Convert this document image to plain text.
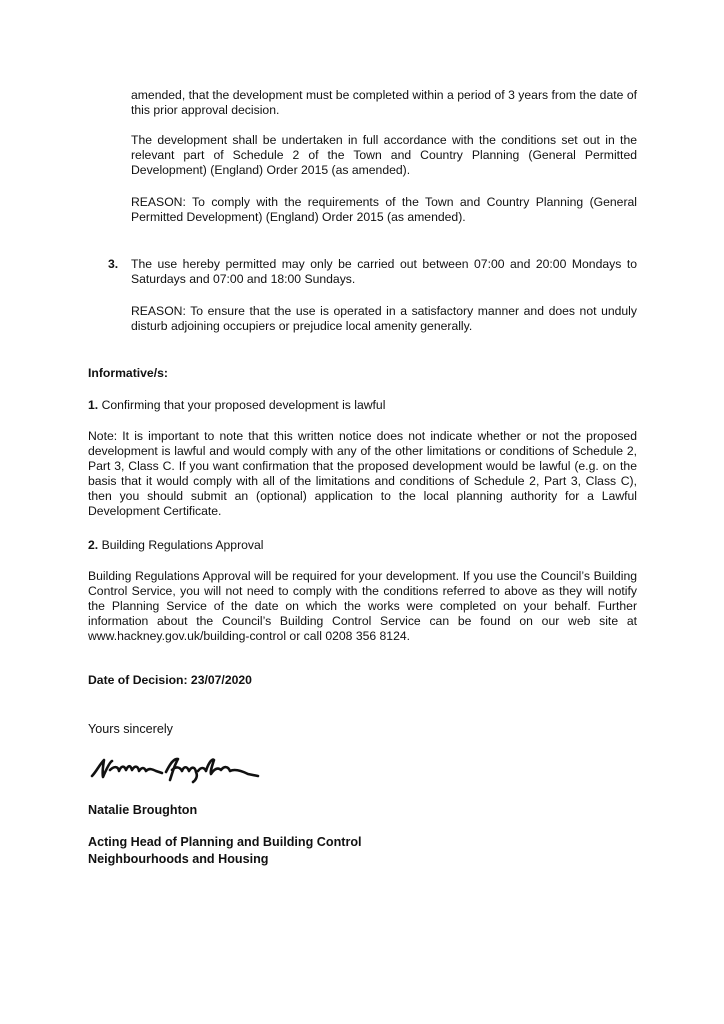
amended, that the development must be completed within a period of 3 years from the date of this prior approval decision.

The development shall be undertaken in full accordance with the conditions set out in the relevant part of Schedule 2 of the Town and Country Planning (General Permitted Development) (England) Order 2015 (as amended).

REASON: To comply with the requirements of the Town and Country Planning (General Permitted Development) (England) Order 2015 (as amended).

3. The use hereby permitted may only be carried out between 07:00 and 20:00 Mondays to Saturdays and 07:00 and 18:00 Sundays.

REASON: To ensure that the use is operated in a satisfactory manner and does not unduly disturb adjoining occupiers or prejudice local amenity generally.

Informative/s:

1. Confirming that your proposed development is lawful

Note: It is important to note that this written notice does not indicate whether or not the proposed development is lawful and would comply with any of the other limitations or conditions of Schedule 2, Part 3, Class C. If you want confirmation that the proposed development would be lawful (e.g. on the basis that it would comply with all of the limitations and conditions of Schedule 2, Part 3, Class C), then you should submit an (optional) application to the local planning authority for a Lawful Development Certificate.

2. Building Regulations Approval

Building Regulations Approval will be required for your development. If you use the Council’s Building Control Service, you will not need to comply with the conditions referred to above as they will notify the Planning Service of the date on which the works were completed on your behalf. Further information about the Council’s Building Control Service can be found on our web site at www.hackney.gov.uk/building-control or call 0208 356 8124.

Date of Decision: 23/07/2020

Yours sincerely

Natalie Broughton

Acting Head of Planning and Building Control

Neighbourhoods and Housing
